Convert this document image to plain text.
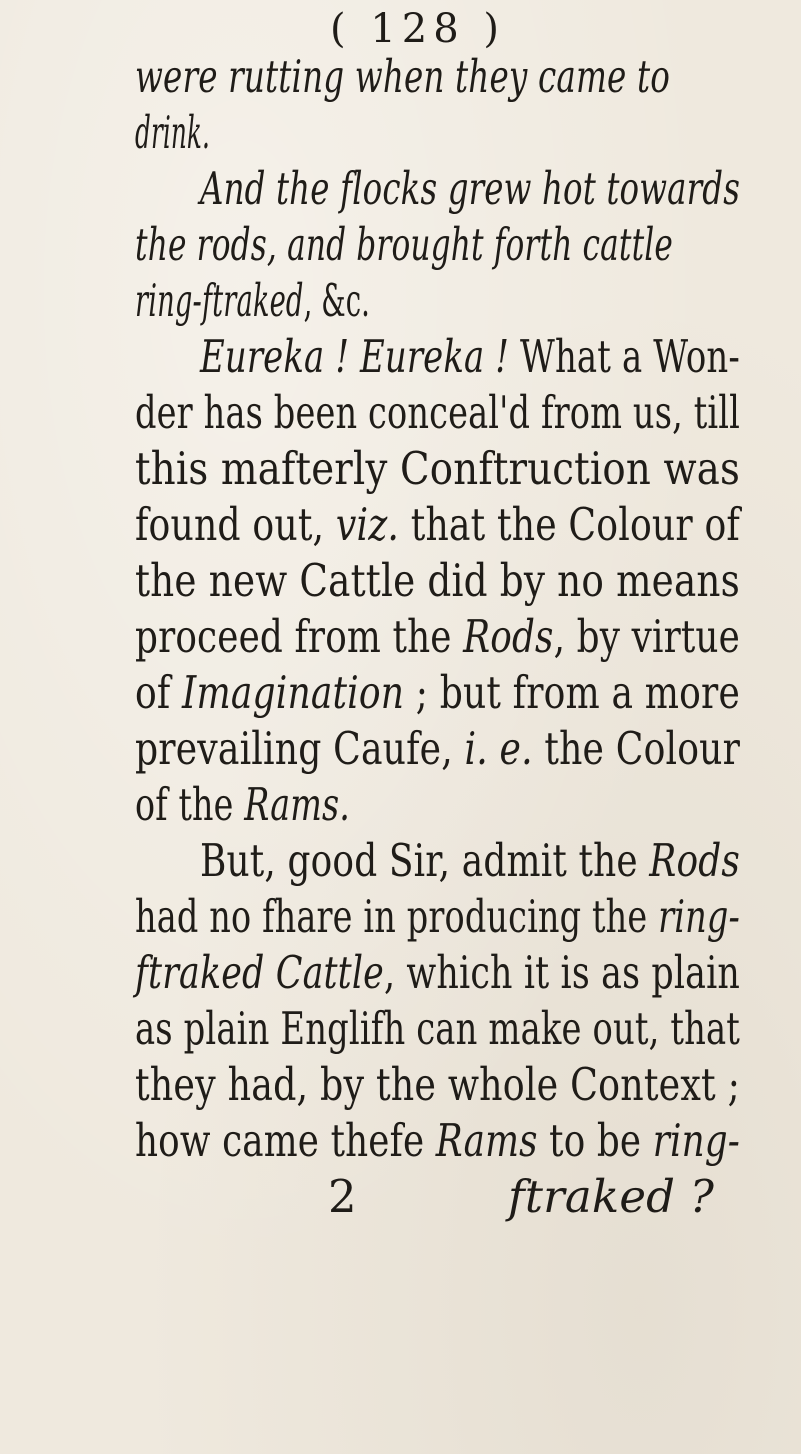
( 128 )
were rutting when they came to
drink.
And the flocks grew hot towards
the rods, and brought forth cattle
ring-ftraked, &c.
Eureka ! Eureka ! What a Won-
der has been conceal'd from us, till
this mafterly Conftruction was
found out, viz. that the Colour of
the new Cattle did by no means
proceed from the Rods, by virtue
of Imagination ; but from a more
prevailing Caufe, i. e. the Colour
of the Rams.
But, good Sir, admit the Rods
had no fhare in producing the ring-
ftraked Cattle, which it is as plain
as plain Englifh can make out, that
they had, by the whole Context ;
how came thefe Rams to be ring-
2	ftraked ?
